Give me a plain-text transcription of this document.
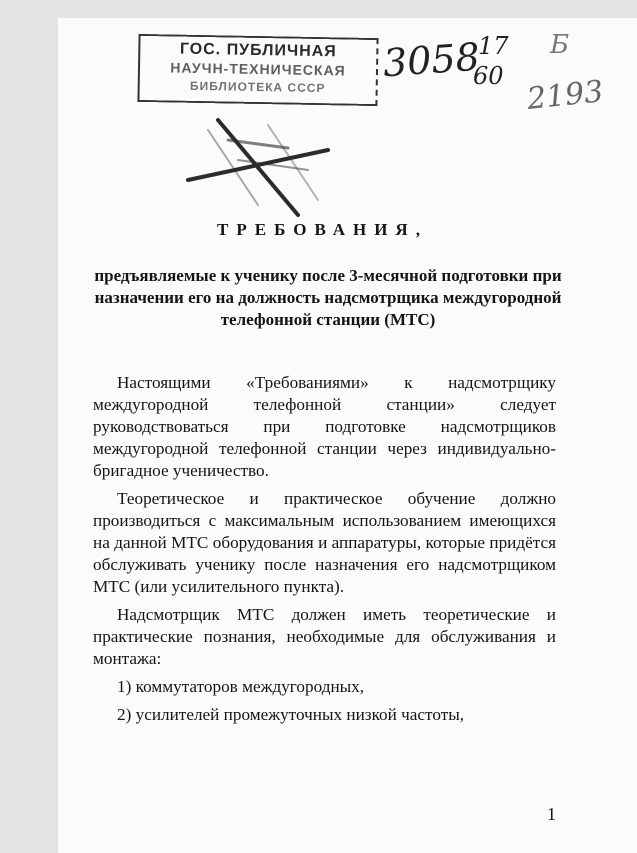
ГОС. ПУБЛИЧНАЯ
НАУЧН-ТЕХНИЧЕСКАЯ
БИБЛИОТЕКА СССР
3058
17
60
Б
2193
ТРЕБОВАНИЯ,
предъявляемые к ученику после 3-месячной подготовки при назначении его на должность надсмотрщика междугородной телефонной станции (МТС)

Настоящими «Требованиями» к надсмотрщику междугородной телефонной станции» следует руководствоваться при подготовке надсмотрщиков междугородной телефонной станции через индивидуально-бригадное ученичество.

Теоретическое и практическое обучение должно производиться с максимальным использованием имеющихся на данной МТС оборудования и аппаратуры, которые придётся обслуживать ученику после назначения его надсмотрщиком МТС (или усилительного пункта).

Надсмотрщик МТС должен иметь теоретические и практические познания, необходимые для обслуживания и монтажа:

1) коммутаторов междугородных,
2) усилителей промежуточных низкой частоты,
1
